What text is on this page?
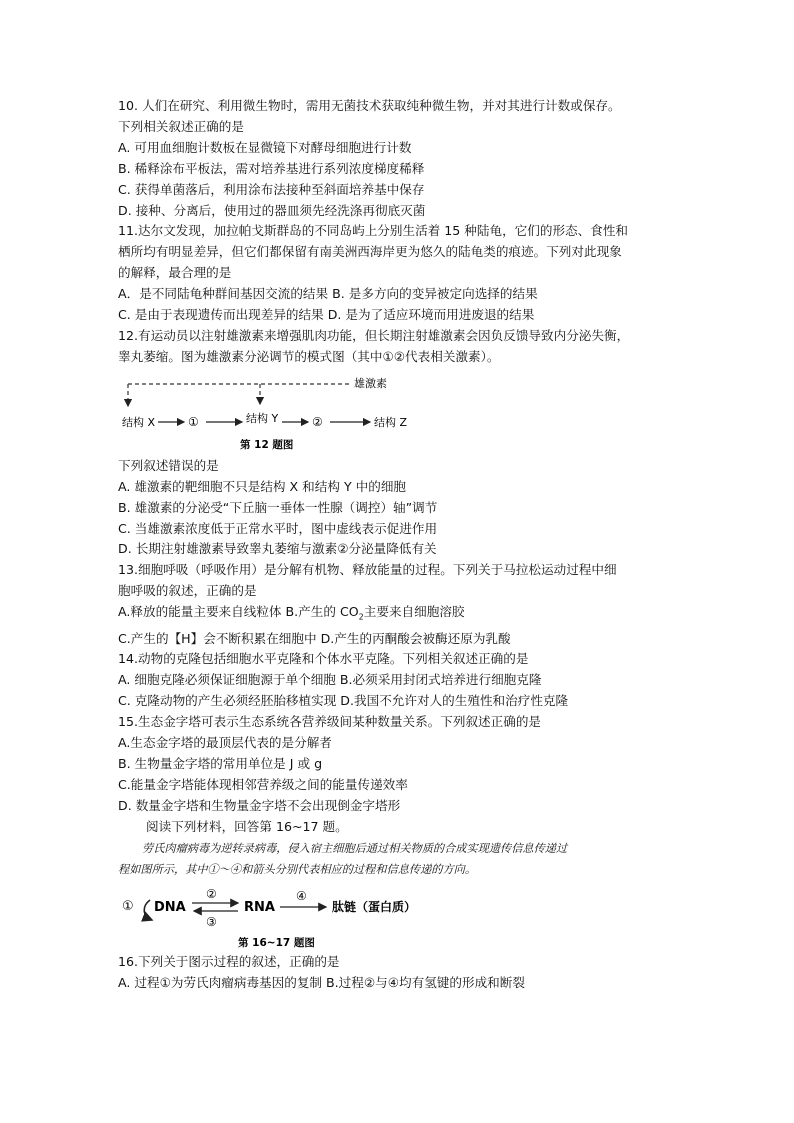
10. 人们在研究、利用微生物时，需用无菌技术获取纯种微生物，并对其进行计数或保存。

下列相关叙述正确的是

A. 可用血细胞计数板在显微镜下对酵母细胞进行计数

B. 稀释涂布平板法，需对培养基进行系列浓度梯度稀释

C. 获得单菌落后，利用涂布法接种至斜面培养基中保存

D. 接种、分离后，使用过的器皿须先经洗涤再彻底灭菌

11.达尔文发现，加拉帕戈斯群岛的不同岛屿上分别生活着 15 种陆龟，它们的形态、食性和

栖所均有明显差异，但它们都保留有南美洲西海岸更为悠久的陆龟类的痕迹。下列对此现象

的解释，最合理的是

A．是不同陆龟种群间基因交流的结果 B. 是多方向的变异被定向选择的结果

C. 是由于表现遗传而出现差异的结果 D. 是为了适应环境而用进废退的结果

12.有运动员以注射雄激素来增强肌肉功能，但长期注射雄激素会因负反馈导致内分泌失衡，

睾丸萎缩。图为雄激素分泌调节的模式图（其中①②代表相关激素）。

雄激素
结构 X	①	结构 Y	②	结构 Z
第 12 题图

下列叙述错误的是

A. 雄激素的靶细胞不只是结构 X 和结构 Y 中的细胞

B. 雄激素的分泌受“下丘脑一垂体一性腺（调控）轴”调节

C. 当雄激素浓度低于正常水平时，图中虚线表示促进作用

D. 长期注射雄激素导致睾丸萎缩与激素②分泌量降低有关

13.细胞呼吸（呼吸作用）是分解有机物、释放能量的过程。下列关于马拉松运动过程中细

胞呼吸的叙述，正确的是

A.释放的能量主要来自线粒体 B.产生的 $CO_2$主要来自细胞溶胶

C.产生的【H】会不断积累在细胞中 D.产生的丙酮酸会被酶还原为乳酸

14.动物的克隆包括细胞水平克隆和个体水平克隆。下列相关叙述正确的是

A. 细胞克隆必须保证细胞源于单个细胞 B.必须采用封闭式培养进行细胞克隆

C. 克隆动物的产生必须经胚胎移植实现 D.我国不允许对人的生殖性和治疗性克隆

15.生态金字塔可表示生态系统各营养级间某种数量关系。下列叙述正确的是

A.生态金字塔的最顶层代表的是分解者

B. 生物量金字塔的常用单位是 J 或 g

C.能量金字塔能体现相邻营养级之间的能量传递效率

D. 数量金字塔和生物量金字塔不会出现倒金字塔形

阅读下列材料，回答第 16~17 题。

劳氏肉瘤病毒为逆转录病毒，侵入宿主细胞后通过相关物质的合成实现遗传信息传递过

程如图所示，其中①～④和箭头分别代表相应的过程和信息传递的方向。

① DNA
②
③
RNA
④
肽链（蛋白质）
第 16~17 题图

16.下列关于图示过程的叙述，正确的是

A. 过程①为劳氏肉瘤病毒基因的复制 B.过程②与④均有氢键的形成和断裂
